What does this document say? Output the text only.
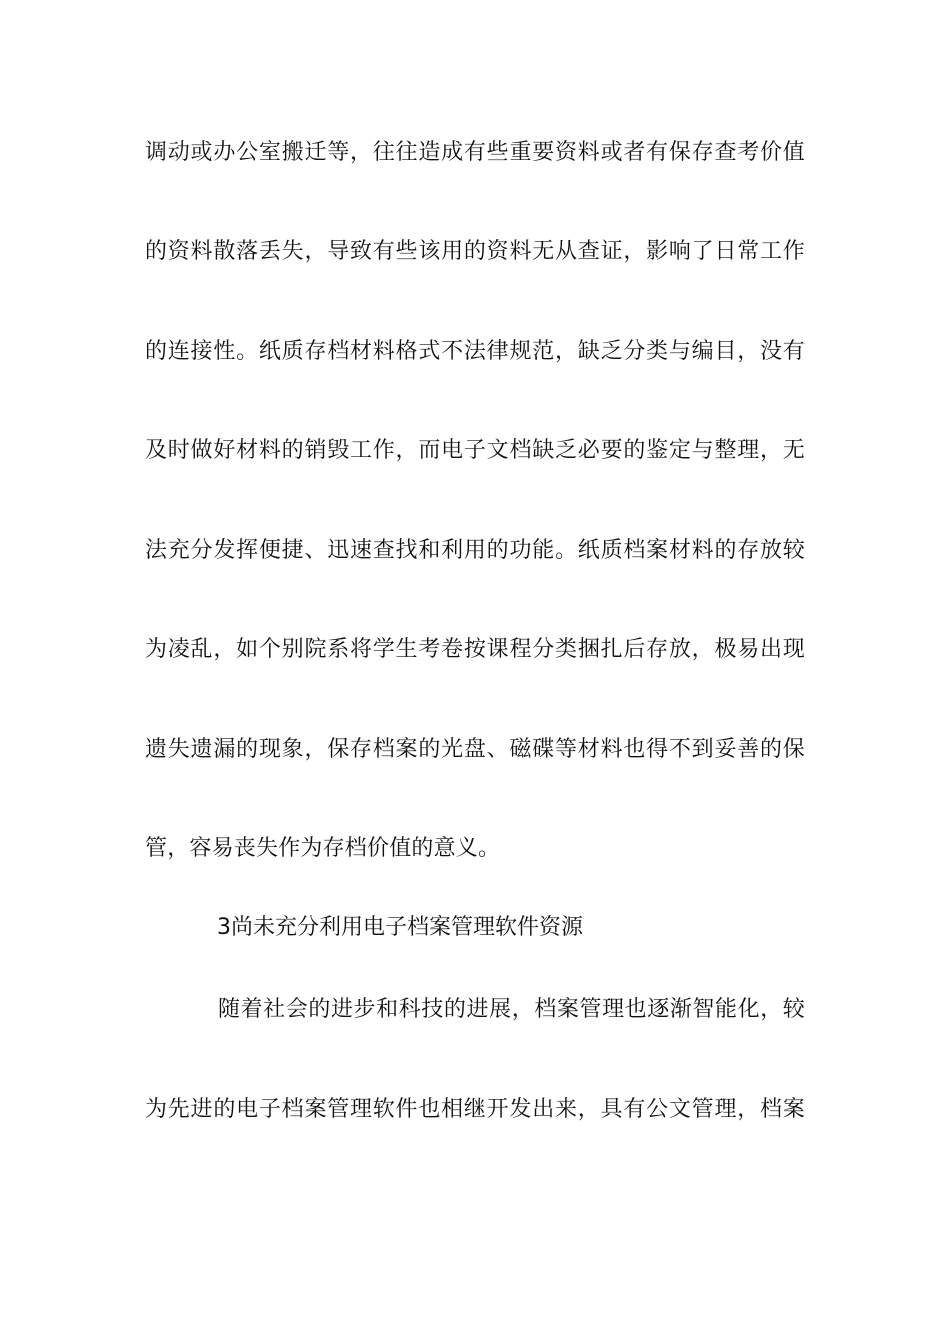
调动或办公室搬迁等，往往造成有些重要资料或者有保存查考价值
的资料散落丢失，导致有些该用的资料无从查证，影响了日常工作
的连接性。纸质存档材料格式不法律规范，缺乏分类与编目，没有
及时做好材料的销毁工作，而电子文档缺乏必要的鉴定与整理，无
法充分发挥便捷、迅速查找和利用的功能。纸质档案材料的存放较
为凌乱，如个别院系将学生考卷按课程分类捆扎后存放，极易出现
遗失遗漏的现象，保存档案的光盘、磁碟等材料也得不到妥善的保
管，容易丧失作为存档价值的意义。
3尚未充分利用电子档案管理软件资源
随着社会的进步和科技的进展，档案管理也逐渐智能化，较
为先进的电子档案管理软件也相继开发出来，具有公文管理，档案
